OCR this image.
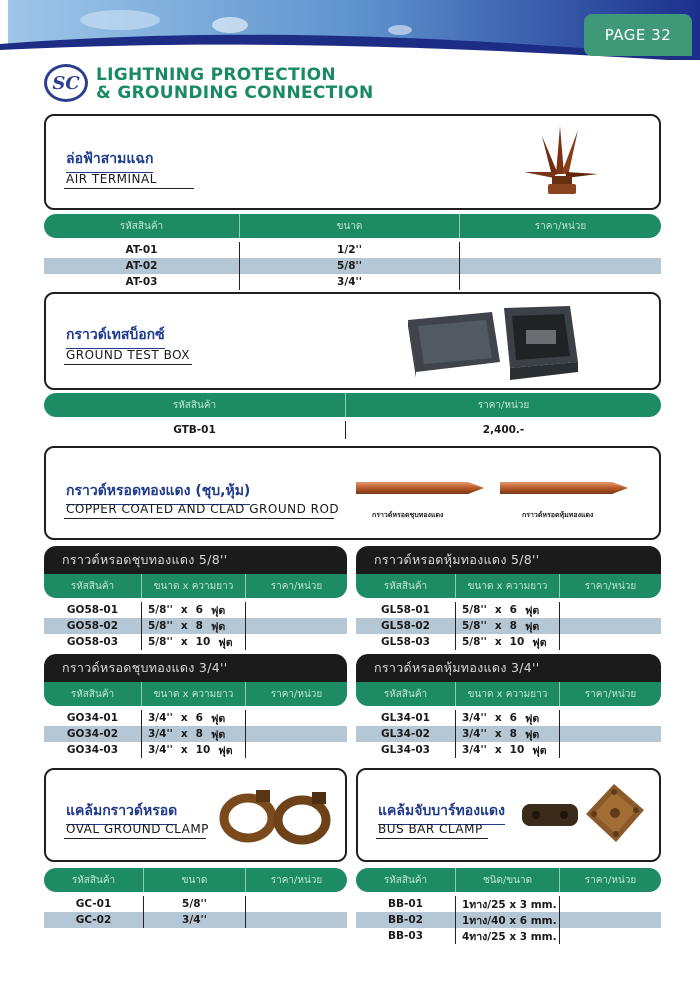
PAGE 32
SC LIGHTNING PROTECTION
& GROUNDING CONNECTION
ล่อฟ้าสามแฉก
AIR TERMINAL
รหัสสินค้า	ขนาด	ราคา/หน่วย
AT-01	1/2''
AT-02	5/8''
AT-03	3/4''
กราวด์เทสบ็อกซ์
GROUND TEST BOX
รหัสสินค้า	ราคา/หน่วย
GTB-01	2,400.-
กราวด์หรอดทองแดง (ชุบ,หุ้ม)
COPPER COATED AND CLAD GROUND ROD	กราวด์หรอดชุบทองแดง	กราวด์หรอดหุ้มทองแดง
กราวด์หรอดชุบทองแดง 5/8''
รหัสสินค้า	ขนาด x ความยาว	ราคา/หน่วย
GO58-01	5/8'' x 6 ฟุต
GO58-02	5/8'' x 8 ฟุต
GO58-03	5/8'' x 10 ฟุต
กราวด์หรอดหุ้มทองแดง 5/8''
รหัสสินค้า	ขนาด x ความยาว	ราคา/หน่วย
GL58-01	5/8'' x 6 ฟุต
GL58-02	5/8'' x 8 ฟุต
GL58-03	5/8'' x 10 ฟุต
กราวด์หรอดชุบทองแดง 3/4''
รหัสสินค้า	ขนาด x ความยาว	ราคา/หน่วย
GO34-01	3/4'' x 6 ฟุต
GO34-02	3/4'' x 8 ฟุต
GO34-03	3/4'' x 10 ฟุต
กราวด์หรอดหุ้มทองแดง 3/4''
รหัสสินค้า	ขนาด x ความยาว	ราคา/หน่วย
GL34-01	3/4'' x 6 ฟุต
GL34-02	3/4'' x 8 ฟุต
GL34-03	3/4'' x 10 ฟุต
แคล้มกราวด์หรอด
OVAL GROUND CLAMP
รหัสสินค้า	ขนาด	ราคา/หน่วย
GC-01	5/8''
GC-02	3/4''
แคล้มจับบาร์ทองแดง
BUS BAR CLAMP
รหัสสินค้า	ชนิด/ขนาด	ราคา/หน่วย
BB-01	1ทาง/25 x 3 mm.
BB-02	1ทาง/40 x 6 mm.
BB-03	4ทาง/25 x 3 mm.
